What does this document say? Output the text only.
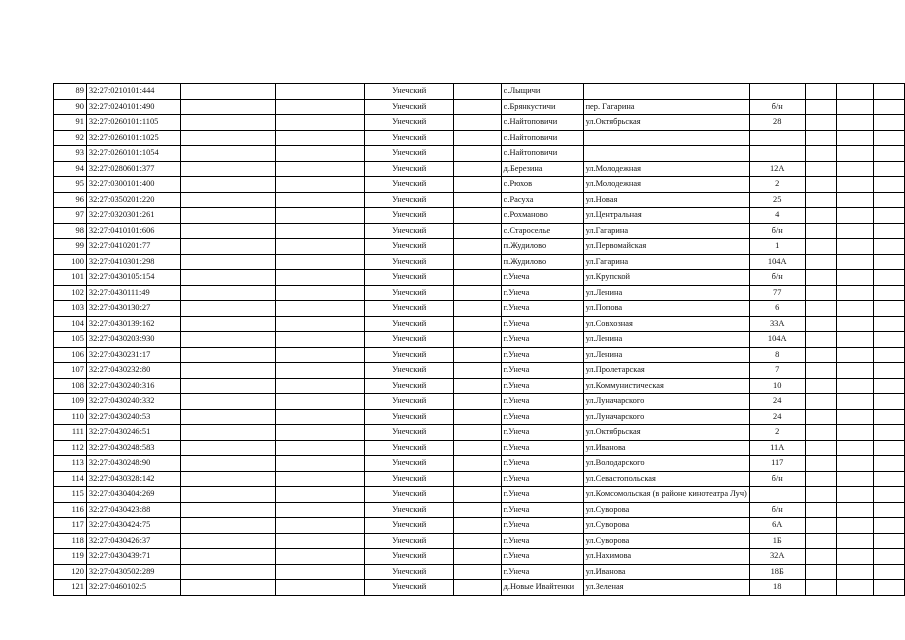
89	32:27:0210101:444			Унечский		с.Лыщичи					
90	32:27:0240101:490			Унечский		с.Брянкустичи	пер. Гагарина	б/н			
91	32:27:0260101:1105			Унечский		с.Найтоповичи	ул.Октябрьская	28			
92	32:27:0260101:1025			Унечский		с.Найтоповичи					
93	32:27:0260101:1054			Унечский		с.Найтоповичи					
94	32:27:0280601:377			Унечский		д.Березина	ул.Молодежная	12А			
95	32:27:0300101:400			Унечский		с.Рюхов	ул.Молодежная	2			
96	32:27:0350201:220			Унечский		с.Расуха	ул.Новая	25			
97	32:27:0320301:261			Унечский		с.Рохманово	ул.Центральная	4			
98	32:27:0410101:606			Унечский		с.Староселье	ул.Гагарина	б/н			
99	32:27:0410201:77			Унечский		п.Жудилово	ул.Первомайская	1			
100	32:27:0410301:298			Унечский		п.Жудилово	ул.Гагарина	104А			
101	32:27:0430105:154			Унечский		г.Унеча	ул.Крупской	б/н			
102	32:27:0430111:49			Унечский		г.Унеча	ул.Ленина	77			
103	32:27:0430130:27			Унечский		г.Унеча	ул.Попова	6			
104	32:27:0430139:162			Унечский		г.Унеча	ул.Совхозная	33А			
105	32:27:0430203:930			Унечский		г.Унеча	ул.Ленина	104А			
106	32:27:0430231:17			Унечский		г.Унеча	ул.Ленина	8			
107	32:27:0430232:80			Унечский		г.Унеча	ул.Пролетарская	7			
108	32:27:0430240:316			Унечский		г.Унеча	ул.Коммунистическая	10			
109	32:27:0430240:332			Унечский		г.Унеча	ул.Луначарского	24			
110	32:27:0430240:53			Унечский		г.Унеча	ул.Луначарского	24			
111	32:27:0430246:51			Унечский		г.Унеча	ул.Октябрьская	2			
112	32:27:0430248:583			Унечский		г.Унеча	ул.Иванова	11А			
113	32:27:0430248:90			Унечский		г.Унеча	ул.Володарского	117			
114	32:27:0430328:142			Унечский		г.Унеча	ул.Севастопольская	б/н			
115	32:27:0430404:269			Унечский		г.Унеча	ул.Комсомольская (в районе кинотеатра Луч)				
116	32:27:0430423:88			Унечский		г.Унеча	ул.Суворова	б/н			
117	32:27:0430424:75			Унечский		г.Унеча	ул.Суворова	6А			
118	32:27:0430426:37			Унечский		г.Унеча	ул.Суворова	1Б			
119	32:27:0430439:71			Унечский		г.Унеча	ул.Нахимова	32А			
120	32:27:0430502:289			Унечский		г.Унеча	ул.Иванова	18Б			
121	32:27:0460102:5			Унечский		д.Новые Ивайтенки	ул.Зеленая	18			
